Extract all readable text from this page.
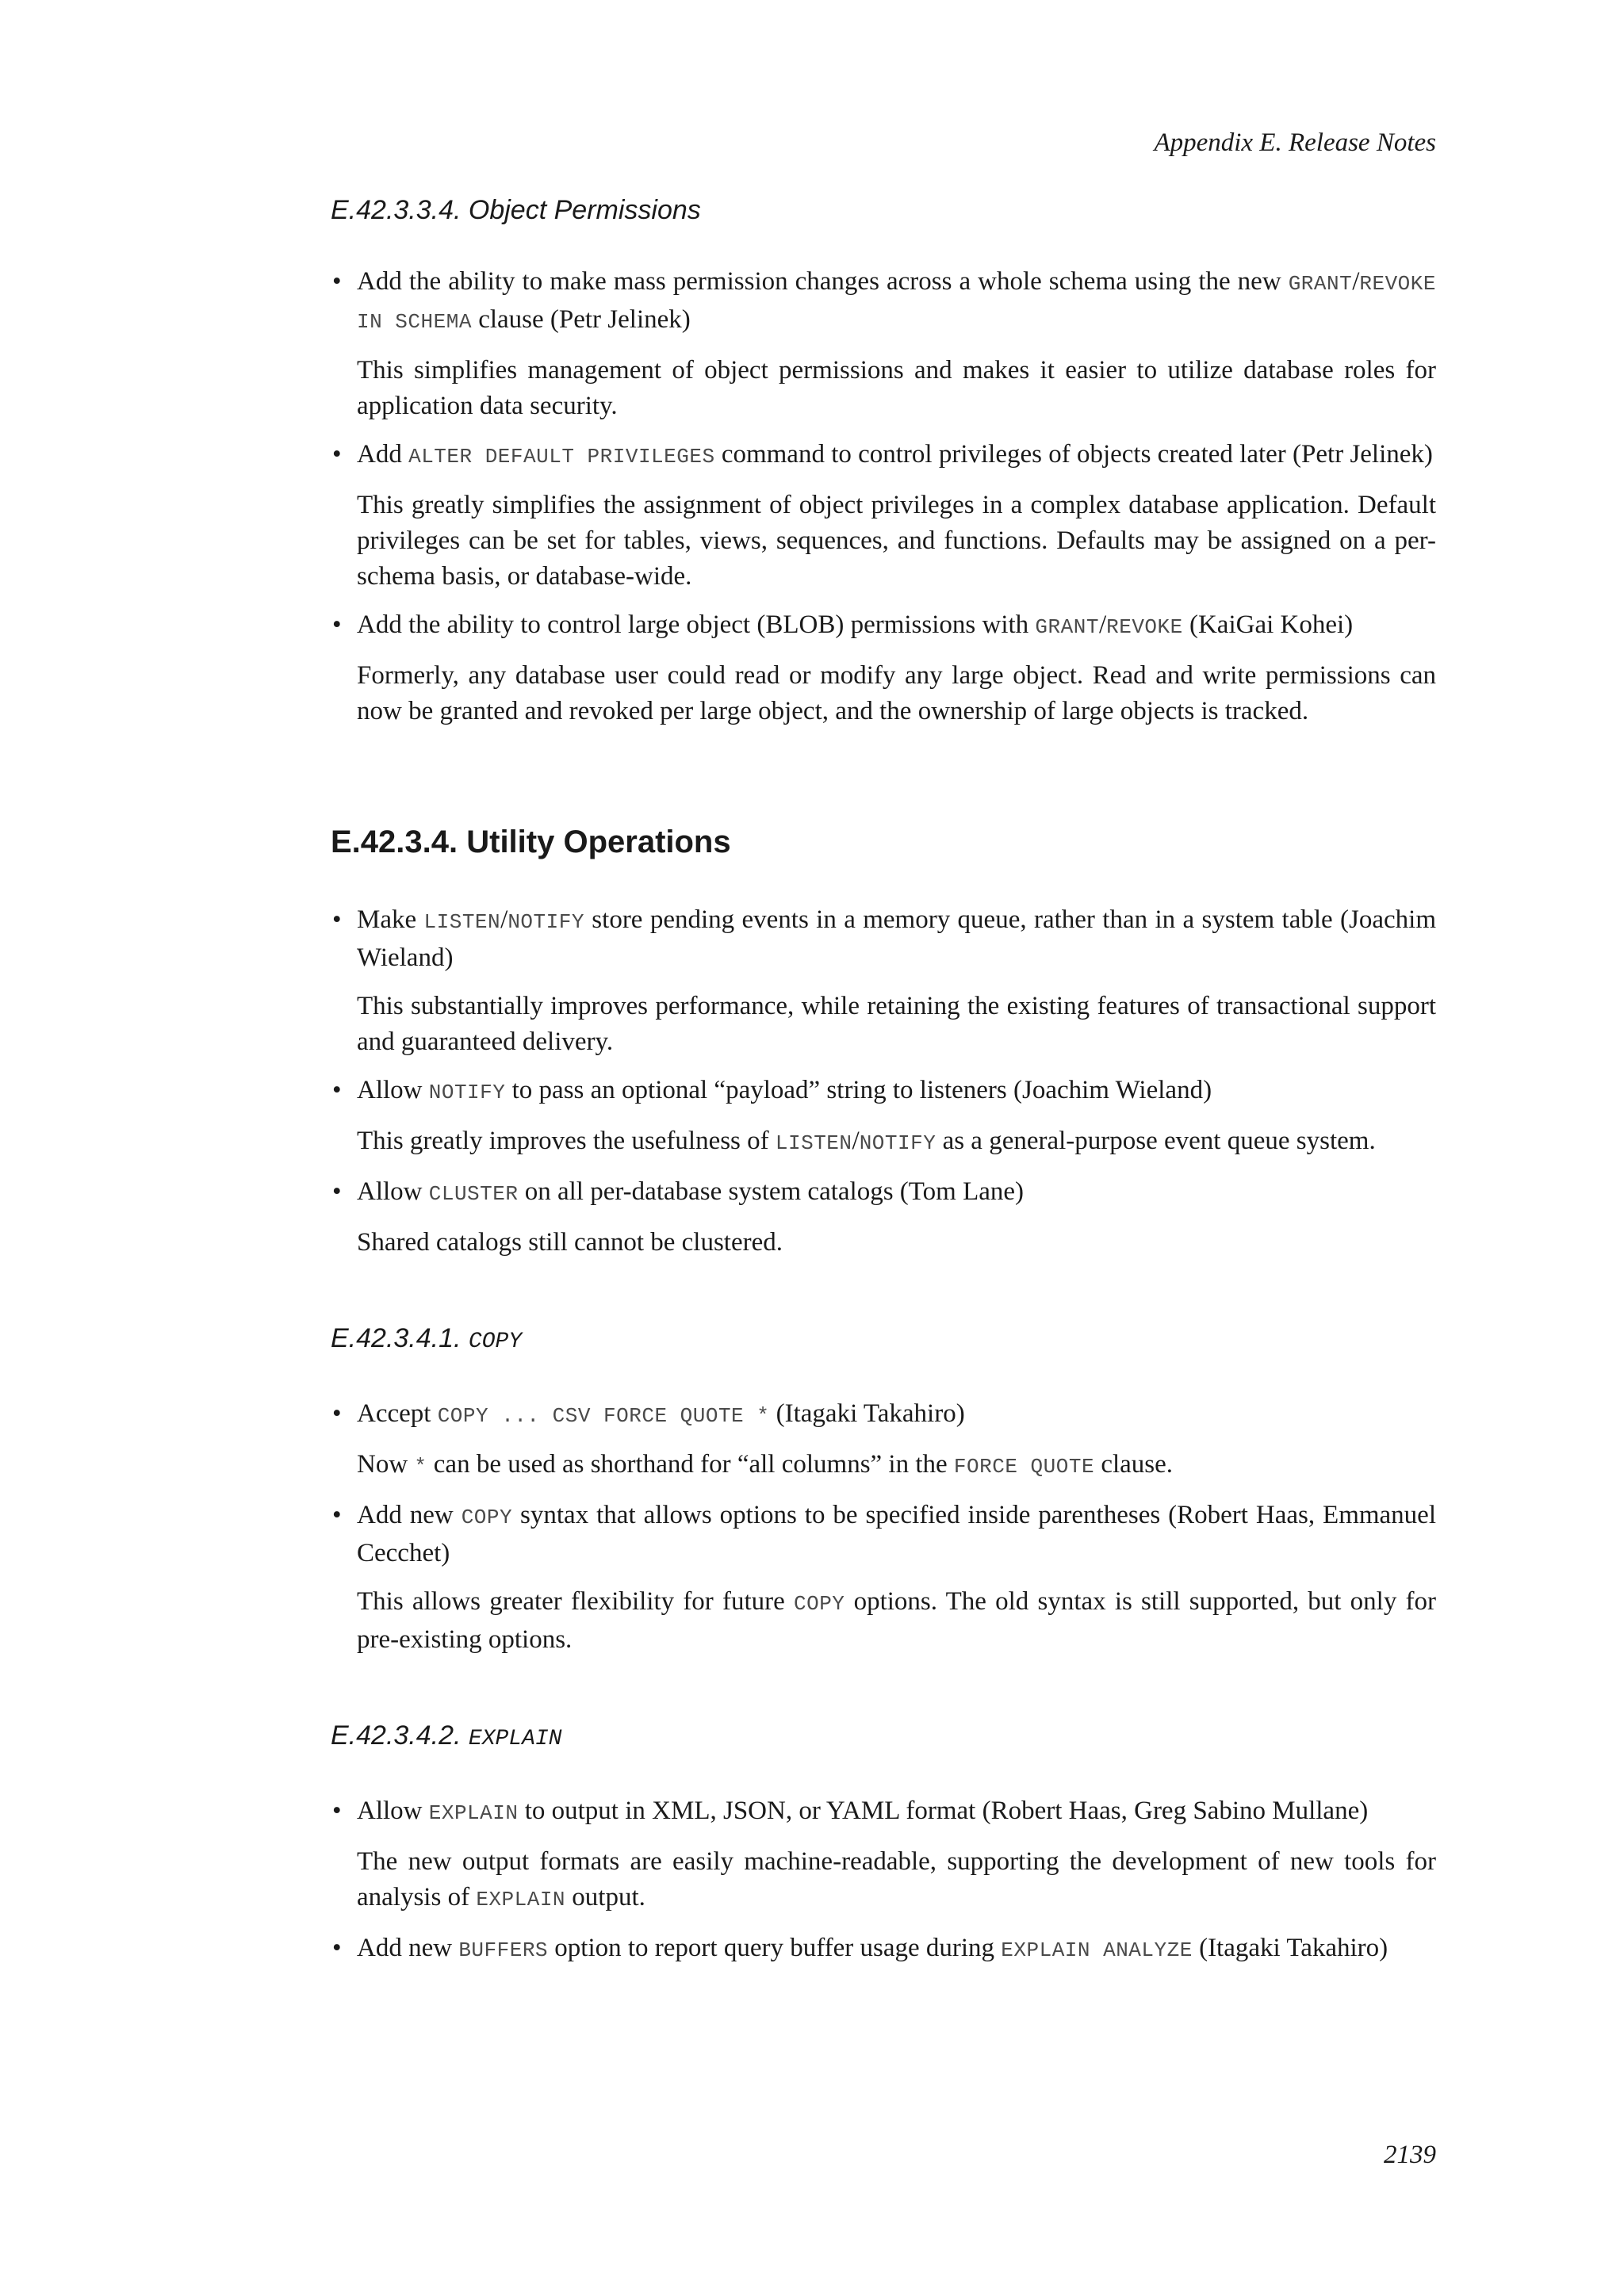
Appendix E. Release Notes
E.42.3.3.4. Object Permissions
• Add the ability to make mass permission changes across a whole schema using the new GRANT/REVOKE IN SCHEMA clause (Petr Jelinek)

This simplifies management of object permissions and makes it easier to utilize database roles for application data security.

• Add ALTER DEFAULT PRIVILEGES command to control privileges of objects created later (Petr Jelinek)

This greatly simplifies the assignment of object privileges in a complex database application. Default privileges can be set for tables, views, sequences, and functions. Defaults may be assigned on a per-schema basis, or database-wide.

• Add the ability to control large object (BLOB) permissions with GRANT/REVOKE (KaiGai Kohei)

Formerly, any database user could read or modify any large object. Read and write permissions can now be granted and revoked per large object, and the ownership of large objects is tracked.

E.42.3.4. Utility Operations
• Make LISTEN/NOTIFY store pending events in a memory queue, rather than in a system table (Joachim Wieland)

This substantially improves performance, while retaining the existing features of transactional support and guaranteed delivery.

• Allow NOTIFY to pass an optional “payload” string to listeners (Joachim Wieland)

This greatly improves the usefulness of LISTEN/NOTIFY as a general-purpose event queue system.

• Allow CLUSTER on all per-database system catalogs (Tom Lane)

Shared catalogs still cannot be clustered.

E.42.3.4.1. COPY
• Accept COPY ... CSV FORCE QUOTE * (Itagaki Takahiro)

Now * can be used as shorthand for “all columns” in the FORCE QUOTE clause.

• Add new COPY syntax that allows options to be specified inside parentheses (Robert Haas, Emmanuel Cecchet)

This allows greater flexibility for future COPY options. The old syntax is still supported, but only for pre-existing options.

E.42.3.4.2. EXPLAIN
• Allow EXPLAIN to output in XML, JSON, or YAML format (Robert Haas, Greg Sabino Mullane)

The new output formats are easily machine-readable, supporting the development of new tools for analysis of EXPLAIN output.

• Add new BUFFERS option to report query buffer usage during EXPLAIN ANALYZE (Itagaki Takahiro)

2139
